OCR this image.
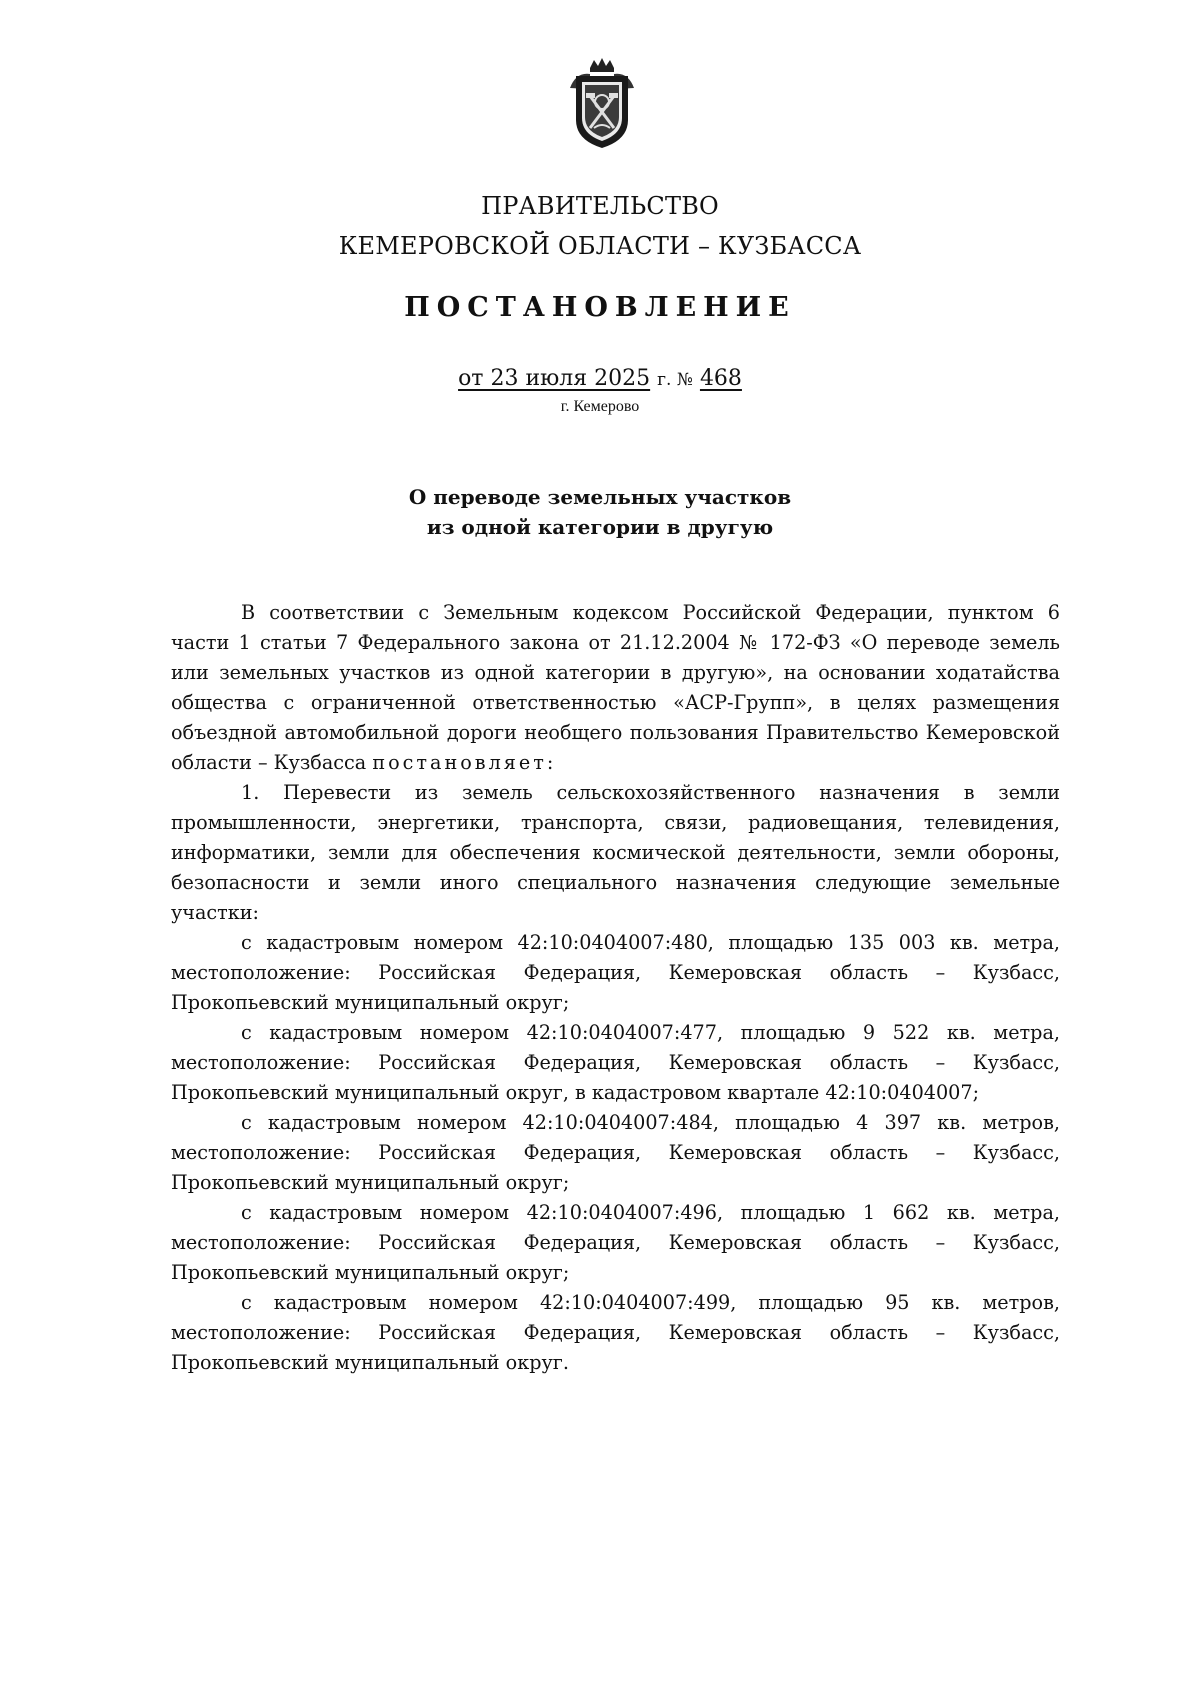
ПРАВИТЕЛЬСТВО
КЕМЕРОВСКОЙ ОБЛАСТИ – КУЗБАССА
ПОСТАНОВЛЕНИЕ
от 23 июля 2025 г. № 468
г. Кемерово
О переводе земельных участков
из одной категории в другую

В соответствии с Земельным кодексом Российской Федерации, пунктом 6 части 1 статьи 7 Федерального закона от 21.12.2004 № 172-ФЗ «О переводе земель или земельных участков из одной категории в другую», на основании ходатайства общества с ограниченной ответственностью «АСР-Групп», в целях размещения объездной автомобильной дороги необщего пользования Правительство Кемеровской области – Кузбасса постановляет:

1. Перевести из земель сельскохозяйственного назначения в земли промышленности, энергетики, транспорта, связи, радиовещания, телевидения, информатики, земли для обеспечения космической деятельности, земли обороны, безопасности и земли иного специального назначения следующие земельные участки:

с кадастровым номером 42:10:0404007:480, площадью 135 003 кв. метра, местоположение: Российская Федерация, Кемеровская область – Кузбасс, Прокопьевский муниципальный округ;

с кадастровым номером 42:10:0404007:477, площадью 9 522 кв. метра, местоположение: Российская Федерация, Кемеровская область – Кузбасс, Прокопьевский муниципальный округ, в кадастровом квартале 42:10:0404007;

с кадастровым номером 42:10:0404007:484, площадью 4 397 кв. метров, местоположение: Российская Федерация, Кемеровская область – Кузбасс, Прокопьевский муниципальный округ;

с кадастровым номером 42:10:0404007:496, площадью 1 662 кв. метра, местоположение: Российская Федерация, Кемеровская область – Кузбасс, Прокопьевский муниципальный округ;

с кадастровым номером 42:10:0404007:499, площадью 95 кв. метров, местоположение: Российская Федерация, Кемеровская область – Кузбасс, Прокопьевский муниципальный округ.
